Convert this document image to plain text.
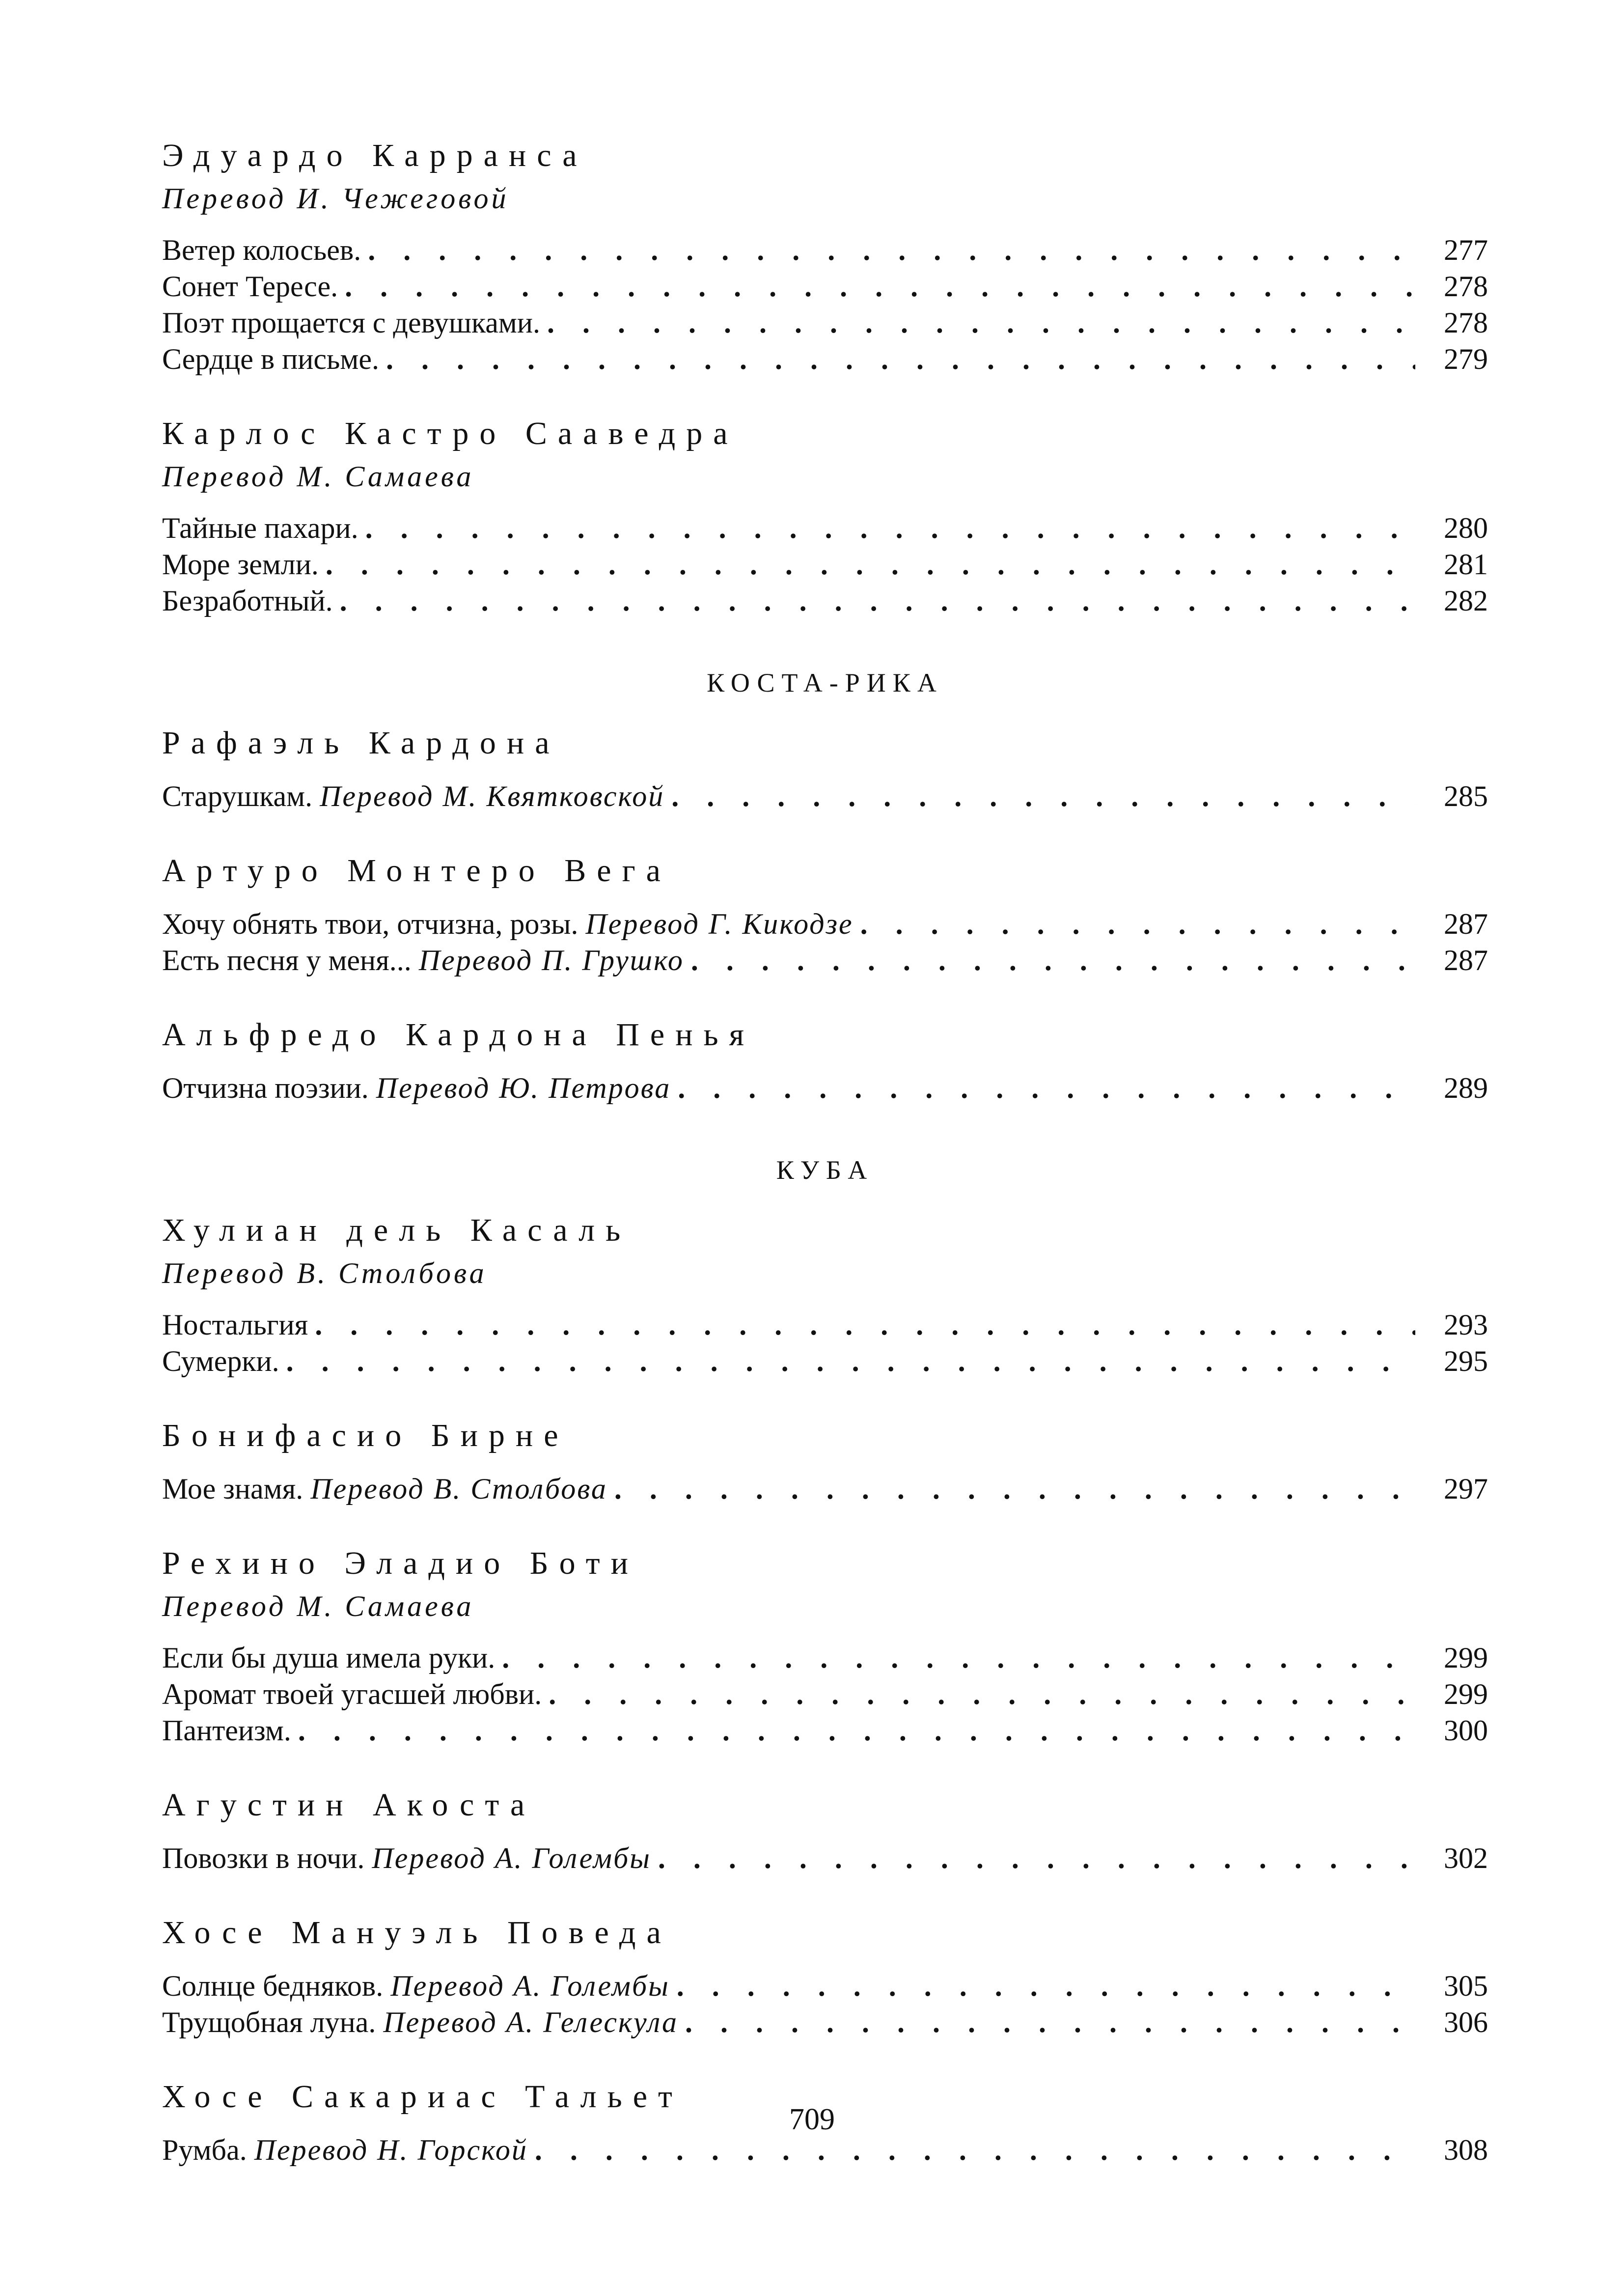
Эдуардо Карранса
Перевод И. Чежеговой
Ветер колосьев. . . .	277
Сонет Тересе. . . .	278
Поэт прощается с девушками. . . .	278
Сердце в письме. . . .	279
Карлос Кастро Сааведра
Перевод М. Самаева
Тайные пахари. . . .	280
Море земли. . . .	281
Безработный. . . .	282
КОСТА-РИКА
Рафаэль Кардона
Старушкам. Перевод М. Квятковской . . .	285
Артуро Монтеро Вега
Хочу обнять твои, отчизна, розы. Перевод Г. Кикодзе . . .	287
Есть песня у меня... Перевод П. Грушко . . .	287
Альфредо Кардона Пенья
Отчизна поэзии. Перевод Ю. Петрова . . .	289
КУБА
Хулиан дель Касаль
Перевод В. Столбова
Ностальгия . . .	293
Сумерки. . . .	295
Бонифасио Бирне
Мое знамя. Перевод В. Столбова . . .	297
Рехино Эладио Боти
Перевод М. Самаева
Если бы душа имела руки. . . .	299
Аромат твоей угасшей любви. . . .	299
Пантеизм. . . .	300
Агустин Акоста
Повозки в ночи. Перевод А. Голембы . . .	302
Хосе Мануэль Поведа
Солнце бедняков. Перевод А. Голембы . . .	305
Трущобная луна. Перевод А. Гелескула . . .	306
Хосе Сакариас Тальет
Румба. Перевод Н. Горской . . .	308
709
